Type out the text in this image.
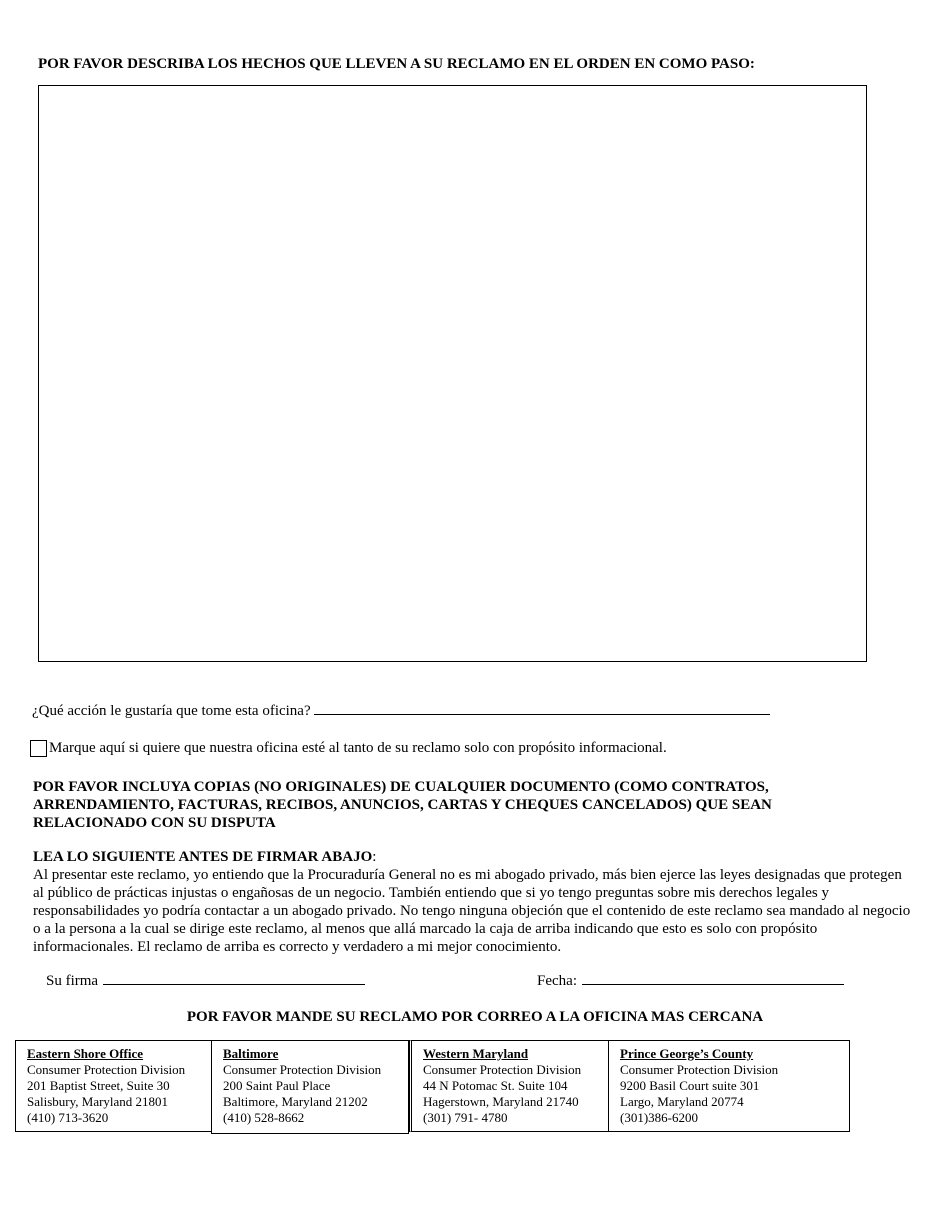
POR FAVOR DESCRIBA LOS HECHOS QUE LLEVEN A SU RECLAMO EN EL ORDEN EN COMO PASO:
¿Qué acción le gustaría que tome esta oficina?
Marque aquí si quiere que nuestra oficina esté al tanto de su reclamo solo con propósito informacional.
POR FAVOR INCLUYA COPIAS (NO ORIGINALES) DE CUALQUIER DOCUMENTO (COMO CONTRATOS, ARRENDAMIENTO, FACTURAS, RECIBOS, ANUNCIOS, CARTAS Y CHEQUES CANCELADOS) QUE SEAN RELACIONADO CON SU DISPUTA
LEA LO SIGUIENTE ANTES DE FIRMAR ABAJO:
Al presentar este reclamo, yo entiendo que la Procuraduría General no es mi abogado privado, más bien ejerce las leyes designadas que protegen al público de prácticas injustas o engañosas de un negocio. También entiendo que si yo tengo preguntas sobre mis derechos legales y responsabilidades yo podría contactar a un abogado privado. No tengo ninguna objeción que el contenido de este reclamo sea mandado al negocio o a la persona a la cual se dirige este reclamo, al menos que allá marcado la caja de arriba indicando que esto es solo con propósito informacionales. El reclamo de arriba es correcto y verdadero a mi mejor conocimiento.
Su firma	Fecha:
POR FAVOR MANDE SU RECLAMO POR CORREO A LA OFICINA MAS CERCANA
Eastern Shore Office
Consumer Protection Division
201 Baptist Street, Suite 30
Salisbury, Maryland 21801
(410) 713-3620
Baltimore
Consumer Protection Division
200 Saint Paul Place
Baltimore, Maryland 21202
(410) 528-8662
Western Maryland
Consumer Protection Division
44 N Potomac St. Suite 104
Hagerstown, Maryland 21740
(301) 791- 4780
Prince George’s County
Consumer Protection Division
9200 Basil Court suite 301
Largo, Maryland 20774
(301)386-6200
